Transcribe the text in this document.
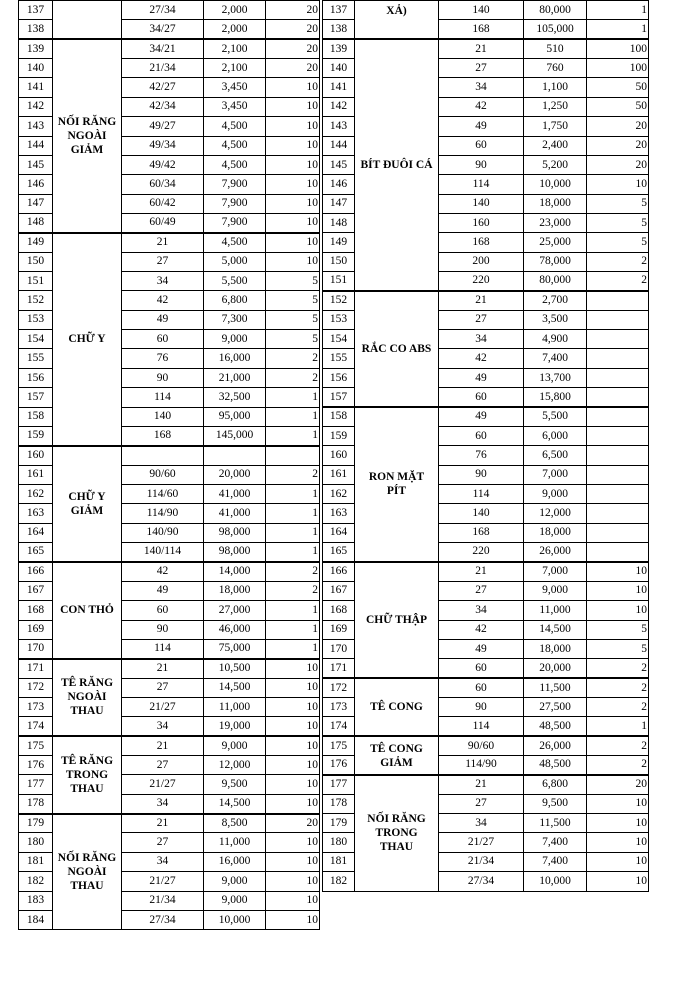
137		27/34	2,000	20
138		34/27	2,000	20
139	NỐI RĂNG NGOÀI GIẢM	34/21	2,100	20
140		21/34	2,100	20
141		42/27	3,450	10
142		42/34	3,450	10
143		49/27	4,500	10
144		49/34	4,500	10
145		49/42	4,500	10
146		60/34	7,900	10
147		60/42	7,900	10
148		60/49	7,900	10
149	CHỮ Y	21	4,500	10
150		27	5,000	10
151		34	5,500	5
152		42	6,800	5
153		49	7,300	5
154		60	9,000	5
155		76	16,000	2
156		90	21,000	2
157		114	32,500	1
158		140	95,000	1
159		168	145,000	1
160	CHỮ Y GIẢM			
161		90/60	20,000	2
162		114/60	41,000	1
163		114/90	41,000	1
164		140/90	98,000	1
165		140/114	98,000	1
166	CON THỎ	42	14,000	2
167		49	18,000	2
168		60	27,000	1
169		90	46,000	1
170		114	75,000	1
171	TÊ RĂNG NGOÀI THAU	21	10,500	10
172		27	14,500	10
173		21/27	11,000	10
174		34	19,000	10
175	TÊ RĂNG TRONG THAU	21	9,000	10
176		27	12,000	10
177		21/27	9,500	10
178		34	14,500	10
179	NỐI RĂNG NGOÀI THAU	21	8,500	20
180		27	11,000	10
181		34	16,000	10
182		21/27	9,000	10
183		21/34	9,000	10
184		27/34	10,000	10
137	XẢ)	140	80,000	1
138		168	105,000	1
139	BÍT ĐUÔI CÁ	21	510	100
140		27	760	100
141		34	1,100	50
142		42	1,250	50
143		49	1,750	20
144		60	2,400	20
145		90	5,200	20
146		114	10,000	10
147		140	18,000	5
148		160	23,000	5
149		168	25,000	5
150		200	78,000	2
151		220	80,000	2
152	RẮC CO ABS	21	2,700	
153		27	3,500	
154		34	4,900	
155		42	7,400	
156		49	13,700	
157		60	15,800	
158	RON MẶT PÍT	49	5,500	
159		60	6,000	
160		76	6,500	
161		90	7,000	
162		114	9,000	
163		140	12,000	
164		168	18,000	
165		220	26,000	
166	CHỮ THẬP	21	7,000	10
167		27	9,000	10
168		34	11,000	10
169		42	14,500	5
170		49	18,000	5
171		60	20,000	2
172	TÊ CONG	60	11,500	2
173		90	27,500	2
174		114	48,500	1
175	TÊ CONG GIẢM	90/60	26,000	2
176		114/90	48,500	2
177	NỐI RĂNG TRONG THAU	21	6,800	20
178		27	9,500	10
179		34	11,500	10
180		21/27	7,400	10
181		21/34	7,400	10
182		27/34	10,000	10
